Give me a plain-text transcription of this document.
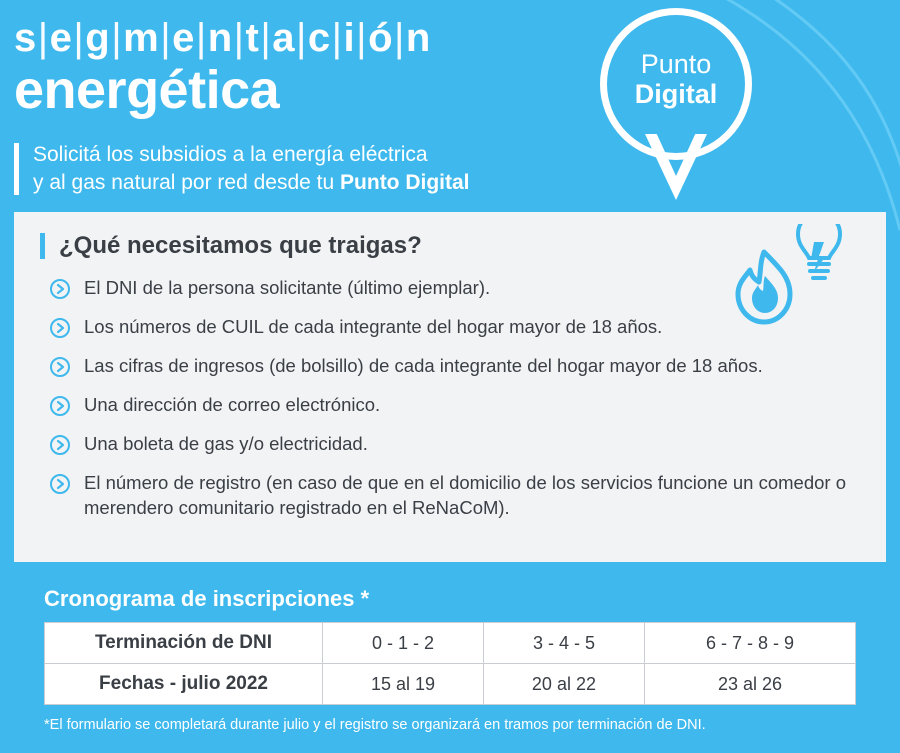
s|e|g|m|e|n|t|a|c|i|ó|n
energética
Solicitá los subsidios a la energía eléctrica
y al gas natural por red desde tu Punto Digital
Punto
Digital
¿Qué necesitamos que traigas?
El DNI de la persona solicitante (último ejemplar).
Los números de CUIL de cada integrante del hogar mayor de 18 años.
Las cifras de ingresos (de bolsillo) de cada integrante del hogar mayor de 18 años.
Una dirección de correo electrónico.
Una boleta de gas y/o electricidad.
El número de registro (en caso de que en el domicilio de los servicios funcione un comedor o merendero comunitario registrado en el ReNaCoM).
Cronograma de inscripciones *
Terminación de DNI	0 - 1 - 2	3 - 4 - 5	6 - 7 - 8 - 9
Fechas - julio 2022	15 al 19	20 al 22	23 al 26
*El formulario se completará durante julio y el registro se organizará en tramos por terminación de DNI.
